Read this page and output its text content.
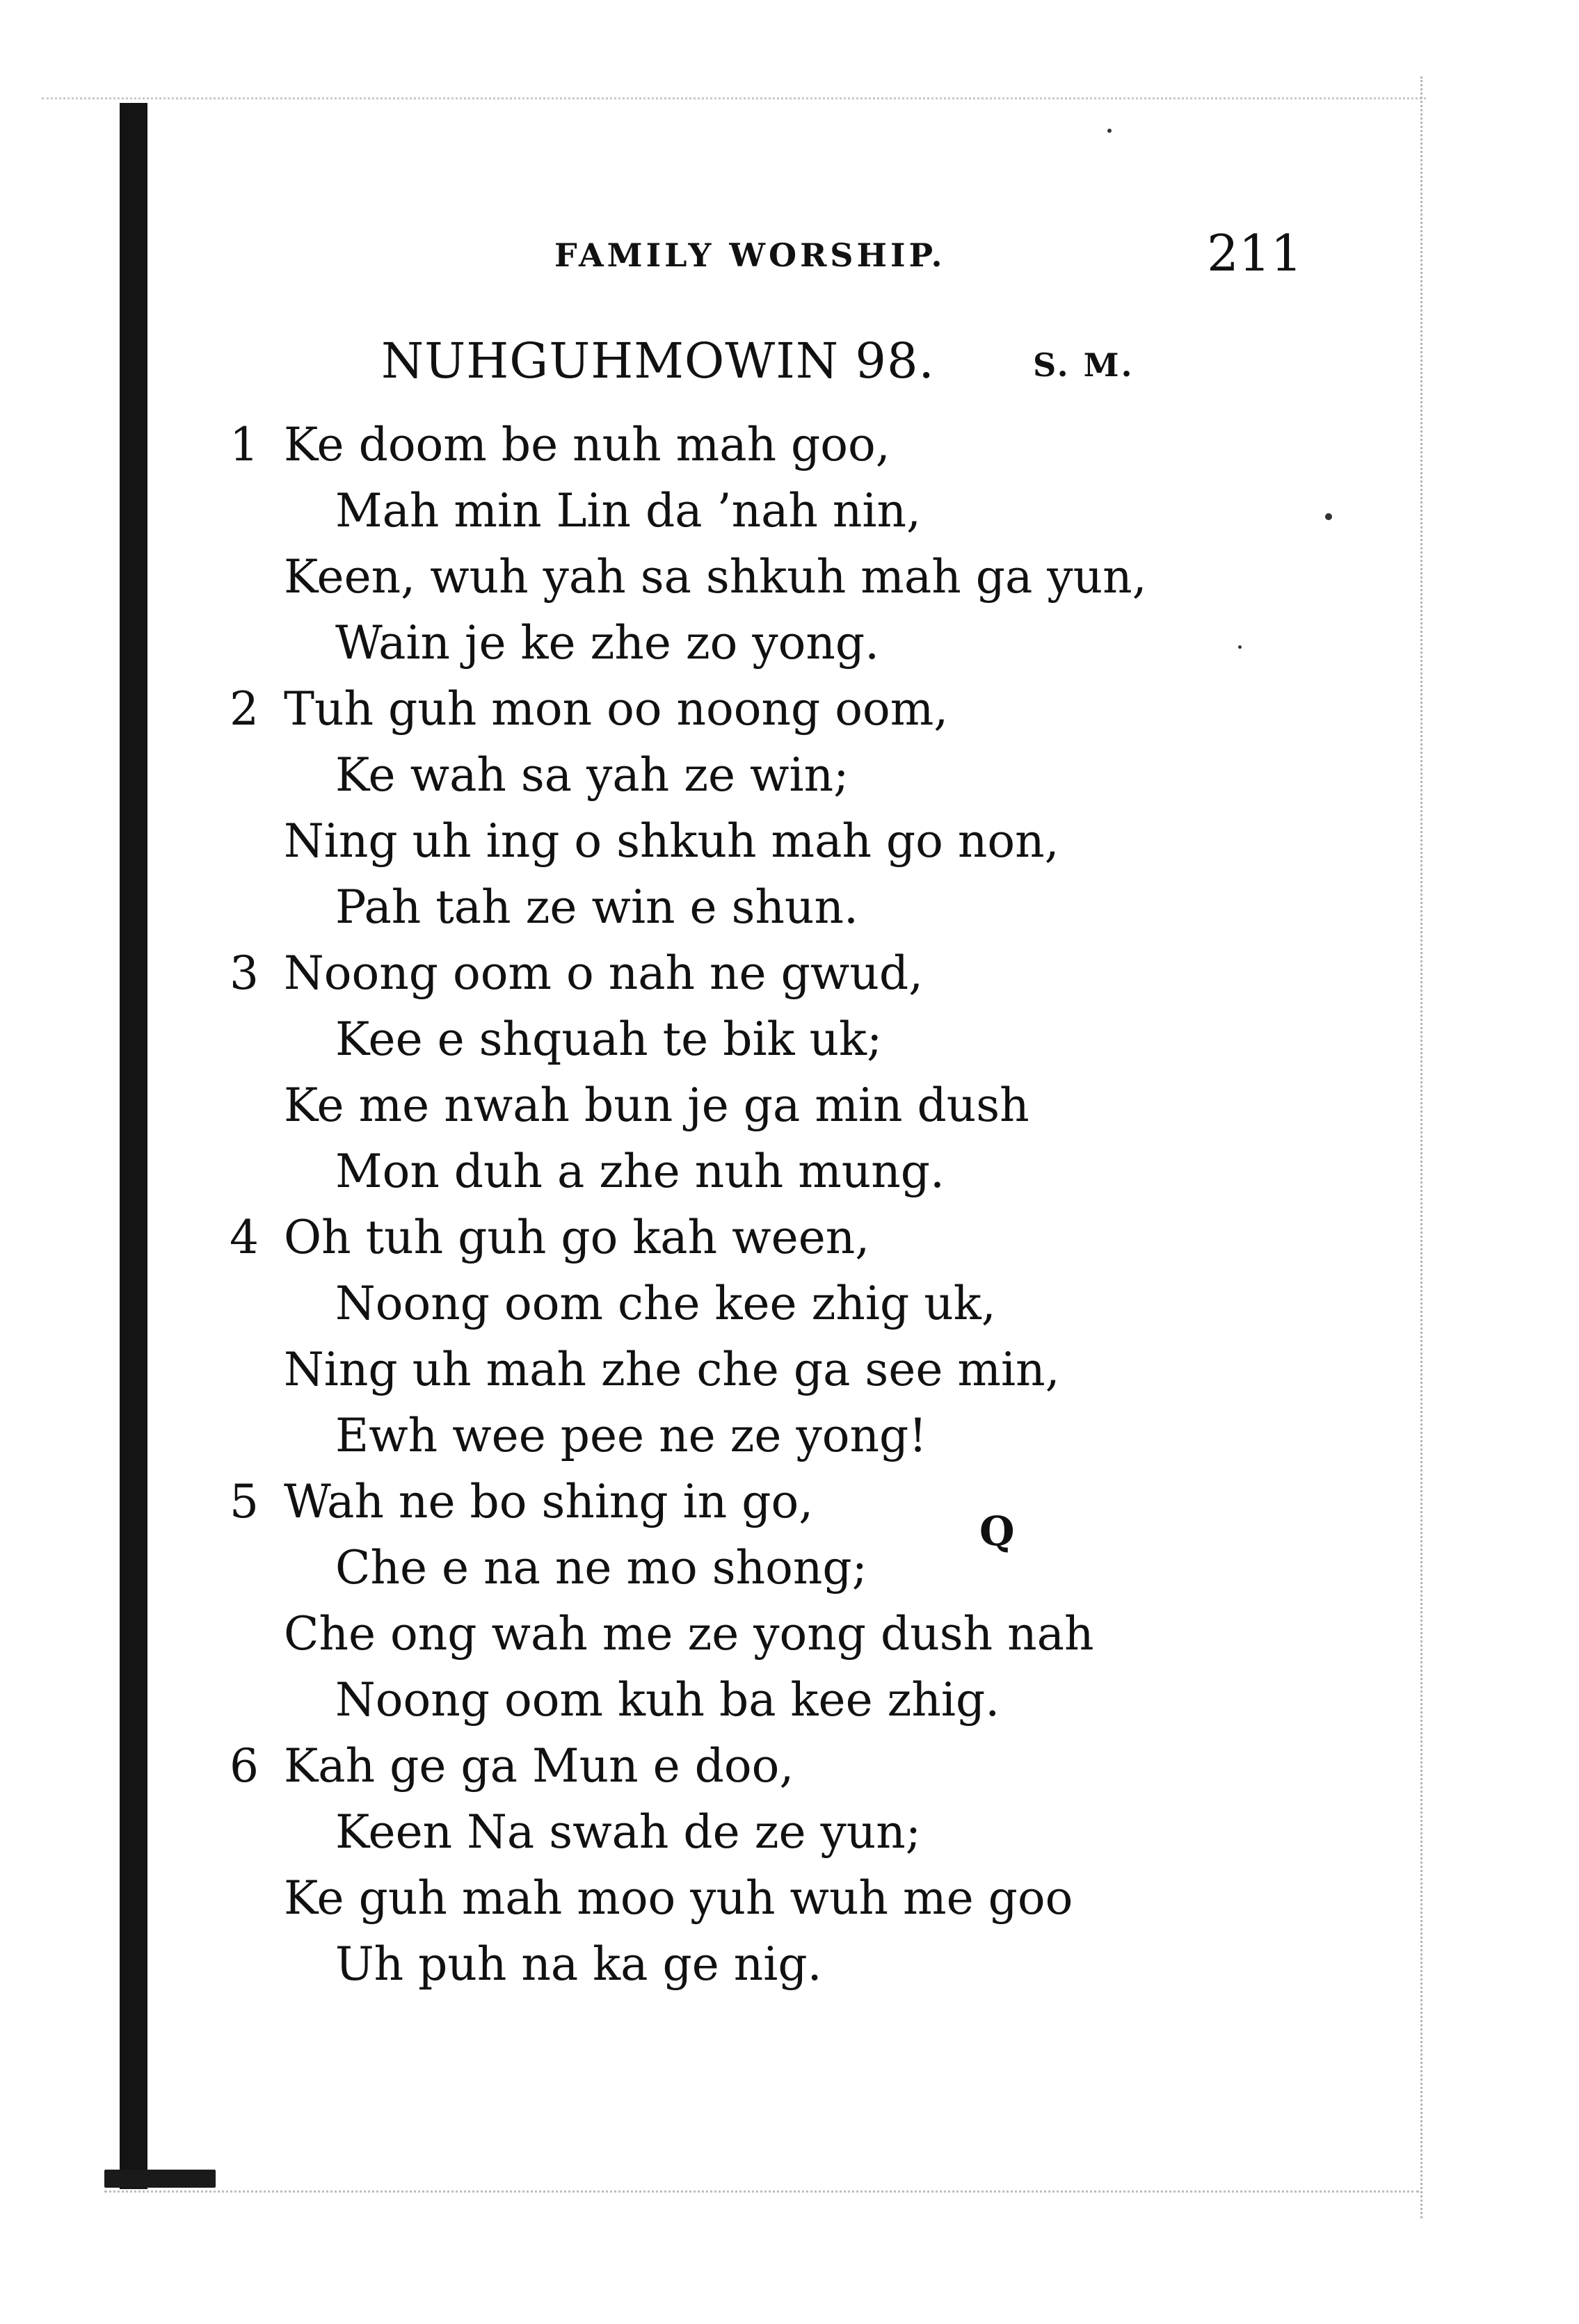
FAMILY WORSHIP.	211
NUHGUHMOWIN 98.	S. M.
1 Ke doom be nuh mah goo,
Mah min Lin da ’nah nin,
Keen, wuh yah sa shkuh mah ga yun,
Wain je ke zhe zo yong.
2 Tuh guh mon oo noong oom,
Ke wah sa yah ze win;
Ning uh ing o shkuh mah go non,
Pah tah ze win e shun.
3 Noong oom o nah ne gwud,
Kee e shquah te bik uk;
Ke me nwah bun je ga min dush
Mon duh a zhe nuh mung.
4 Oh tuh guh go kah ween,
Noong oom che kee zhig uk,
Ning uh mah zhe che ga see min,
Ewh wee pee ne ze yong!
5 Wah ne bo shing in go,
Che e na ne mo shong;
Che ong wah me ze yong dush nah
Noong oom kuh ba kee zhig.
6 Kah ge ga Mun e doo,
Keen Na swah de ze yun;
Ke guh mah moo yuh wuh me goo
Uh puh na ka ge nig.
Q
